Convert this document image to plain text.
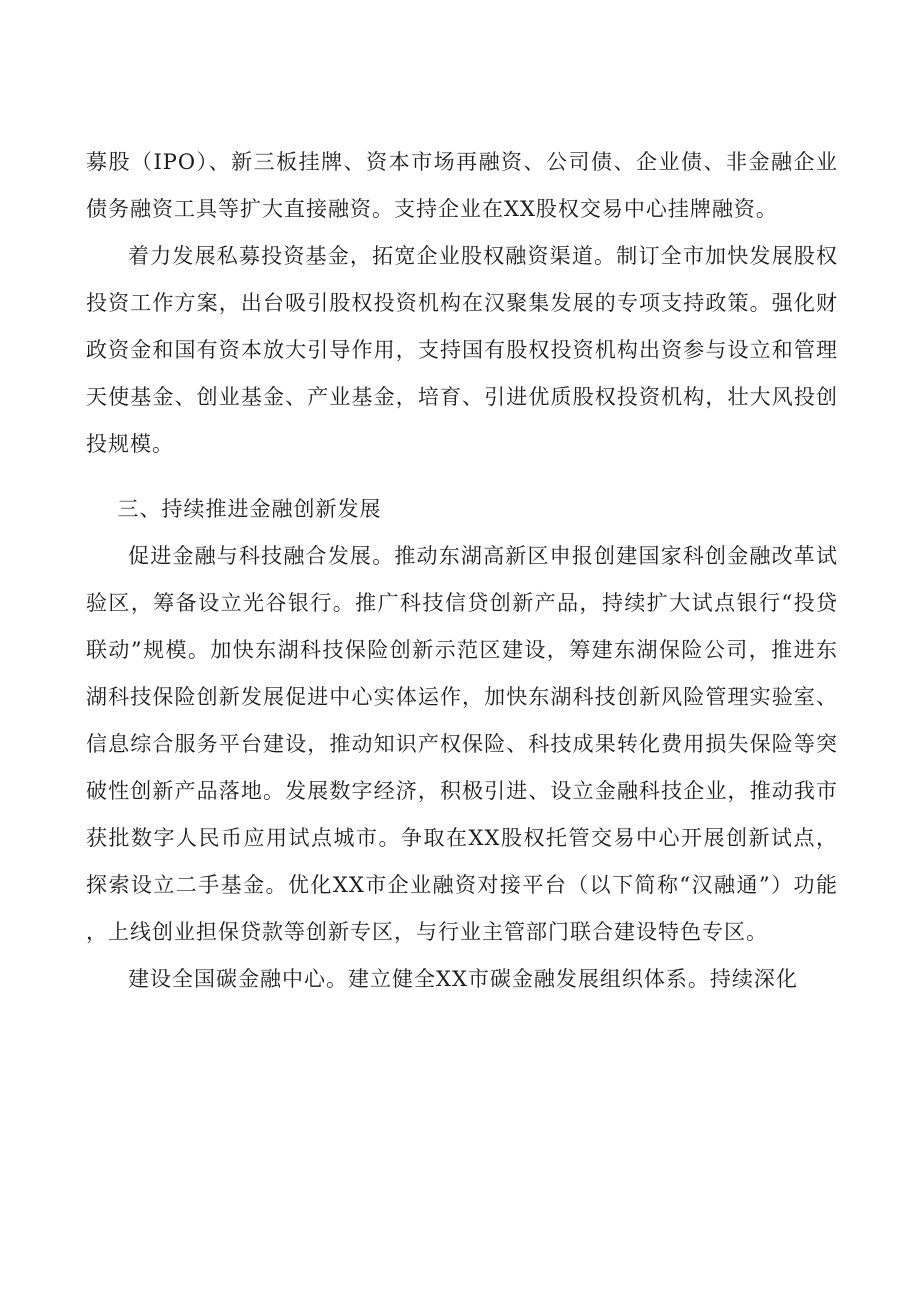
募股（IPO）、新三板挂牌、资本市场再融资、公司债、企业债、非金融企业债务融资工具等扩大直接融资。支持企业在XX股权交易中心挂牌融资。

着力发展私募投资基金，拓宽企业股权融资渠道。制订全市加快发展股权投资工作方案，出台吸引股权投资机构在汉聚集发展的专项支持政策。强化财政资金和国有资本放大引导作用，支持国有股权投资机构出资参与设立和管理天使基金、创业基金、产业基金，培育、引进优质股权投资机构，壮大风投创投规模。

三、持续推进金融创新发展

促进金融与科技融合发展。推动东湖高新区申报创建国家科创金融改革试验区，筹备设立光谷银行。推广科技信贷创新产品，持续扩大试点银行“投贷联动”规模。加快东湖科技保险创新示范区建设，筹建东湖保险公司，推进东湖科技保险创新发展促进中心实体运作，加快东湖科技创新风险管理实验室、信息综合服务平台建设，推动知识产权保险、科技成果转化费用损失保险等突破性创新产品落地。发展数字经济，积极引进、设立金融科技企业，推动我市获批数字人民币应用试点城市。争取在XX股权托管交易中心开展创新试点，探索设立二手基金。优化XX市企业融资对接平台（以下简称“汉融通”）功能，上线创业担保贷款等创新专区，与行业主管部门联合建设特色专区。

建设全国碳金融中心。建立健全XX市碳金融发展组织体系。持续深化
